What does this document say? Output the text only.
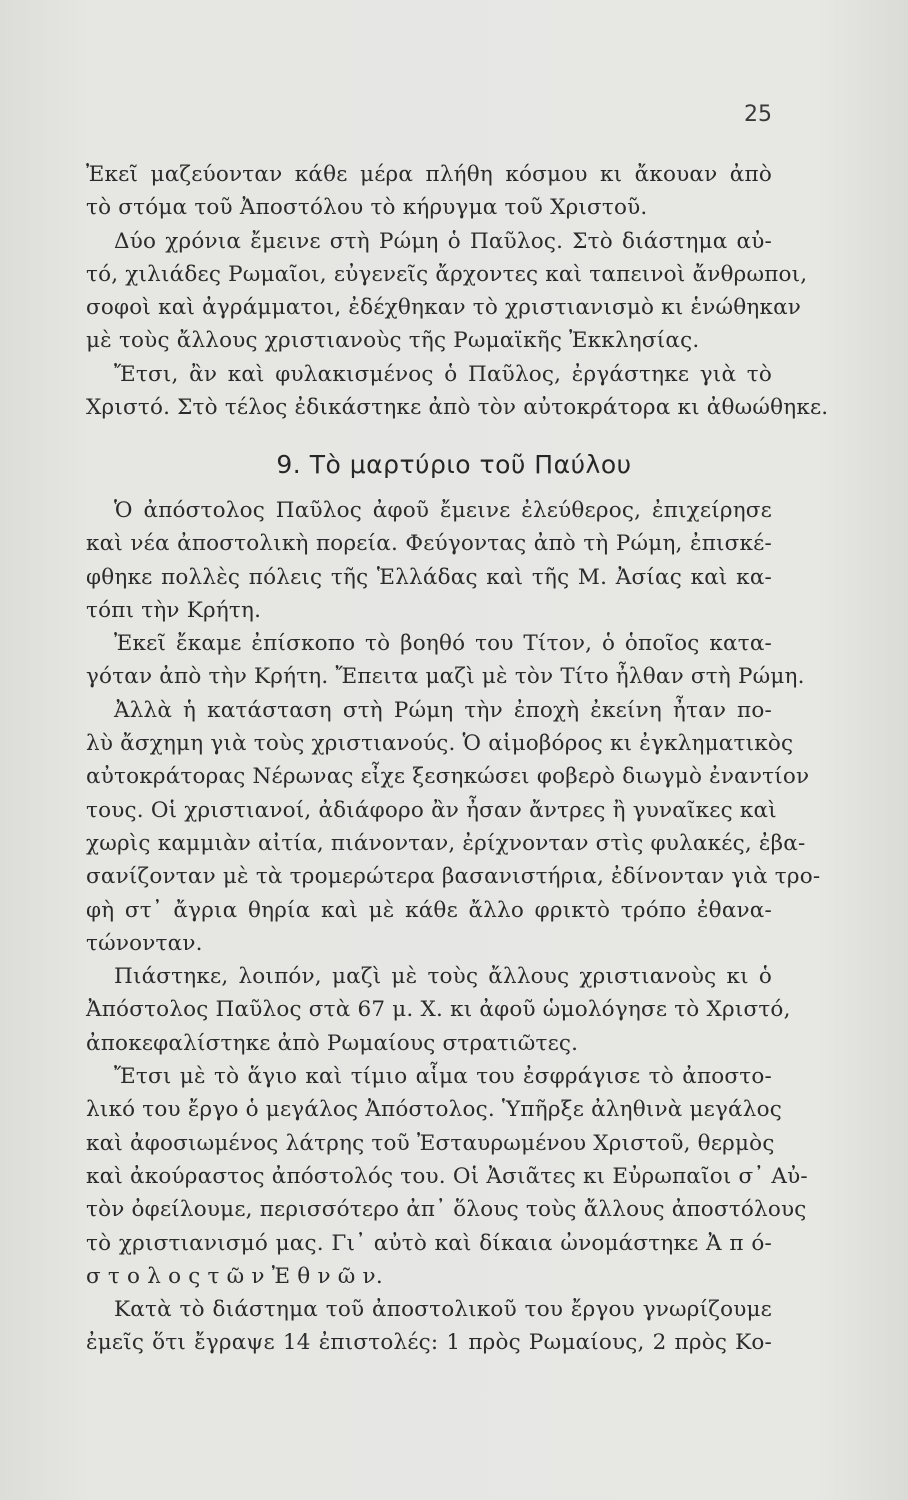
25
Ἐκεῖ μαζεύονταν κάθε μέρα πλήθη κόσμου κι ἄκουαν ἀπὸ
τὸ στόμα τοῦ Ἀποστόλου τὸ κήρυγμα τοῦ Χριστοῦ.
Δύο χρόνια ἔμεινε στὴ Ρώμη ὁ Παῦλος. Στὸ διάστημα αὐ-
τό, χιλιάδες Ρωμαῖοι, εὐγενεῖς ἄρχοντες καὶ ταπεινοὶ ἄνθρωποι,
σοφοὶ καὶ ἀγράμματοι, ἐδέχθηκαν τὸ χριστιανισμὸ κι ἑνώθηκαν
μὲ τοὺς ἄλλους χριστιανοὺς τῆς Ρωμαϊκῆς Ἐκκλησίας.
Ἔτσι, ἂν καὶ φυλακισμένος ὁ Παῦλος, ἐργάστηκε γιὰ τὸ
Χριστό. Στὸ τέλος ἐδικάστηκε ἀπὸ τὸν αὐτοκράτορα κι ἀθωώθηκε.
9. Τὸ μαρτύριο τοῦ Παύλου
Ὁ ἀπόστολος Παῦλος ἀφοῦ ἔμεινε ἐλεύθερος, ἐπιχείρησε
καὶ νέα ἀποστολικὴ πορεία. Φεύγοντας ἀπὸ τὴ Ρώμη, ἐπισκέ-
φθηκε πολλὲς πόλεις τῆς Ἑλλάδας καὶ τῆς Μ. Ἀσίας καὶ κα-
τόπι τὴν Κρήτη.
Ἐκεῖ ἔκαμε ἐπίσκοπο τὸ βοηθό του Τίτον, ὁ ὁποῖος κατα-
γόταν ἀπὸ τὴν Κρήτη. Ἔπειτα μαζὶ μὲ τὸν Τίτο ἦλθαν στὴ Ρώμη.
Ἀλλὰ ἡ κατάσταση στὴ Ρώμη τὴν ἐποχὴ ἐκείνη ἦταν πο-
λὺ ἄσχημη γιὰ τοὺς χριστιανούς. Ὁ αἱμοβόρος κι ἐγκληματικὸς
αὐτοκράτορας Νέρωνας εἶχε ξεσηκώσει φοβερὸ διωγμὸ ἐναντίον
τους. Οἱ χριστιανοί, ἀδιάφορο ἂν ἦσαν ἄντρες ἢ γυναῖκες καὶ
χωρὶς καμμιὰν αἰτία, πιάνονταν, ἐρίχνονταν στὶς φυλακές, ἐβα-
σανίζονταν μὲ τὰ τρομερώτερα βασανιστήρια, ἐδίνονταν γιὰ τρο-
φὴ στ᾿ ἄγρια θηρία καὶ μὲ κάθε ἄλλο φρικτὸ τρόπο ἐθανα-
τώνονταν.
Πιάστηκε, λοιπόν, μαζὶ μὲ τοὺς ἄλλους χριστιανοὺς κι ὁ
Ἀπόστολος Παῦλος στὰ 67 μ. Χ. κι ἀφοῦ ὡμολόγησε τὸ Χριστό,
ἀποκεφαλίστηκε ἀπὸ Ρωμαίους στρατιῶτες.
Ἔτσι μὲ τὸ ἅγιο καὶ τίμιο αἷμα του ἐσφράγισε τὸ ἀποστο-
λικό του ἔργο ὁ μεγάλος Ἀπόστολος. Ὑπῆρξε ἀληθινὰ μεγάλος
καὶ ἀφοσιωμένος λάτρης τοῦ Ἐσταυρωμένου Χριστοῦ, θερμὸς
καὶ ἀκούραστος ἀπόστολός του. Οἱ Ἀσιᾶτες κι Εὐρωπαῖοι σ᾿ Αὐ-
τὸν ὀφείλουμε, περισσότερο ἀπ᾿ ὅλους τοὺς ἄλλους ἀποστόλους
τὸ χριστιανισμό μας. Γι᾿ αὐτὸ καὶ δίκαια ὠνομάστηκε Ἀ π ό-
σ τ ο λ ο ς τ ῶ ν Ἐ θ ν ῶ ν.
Κατὰ τὸ διάστημα τοῦ ἀποστολικοῦ του ἔργου γνωρίζουμε
ἐμεῖς ὅτι ἔγραψε 14 ἐπιστολές: 1 πρὸς Ρωμαίους, 2 πρὸς Κο-
